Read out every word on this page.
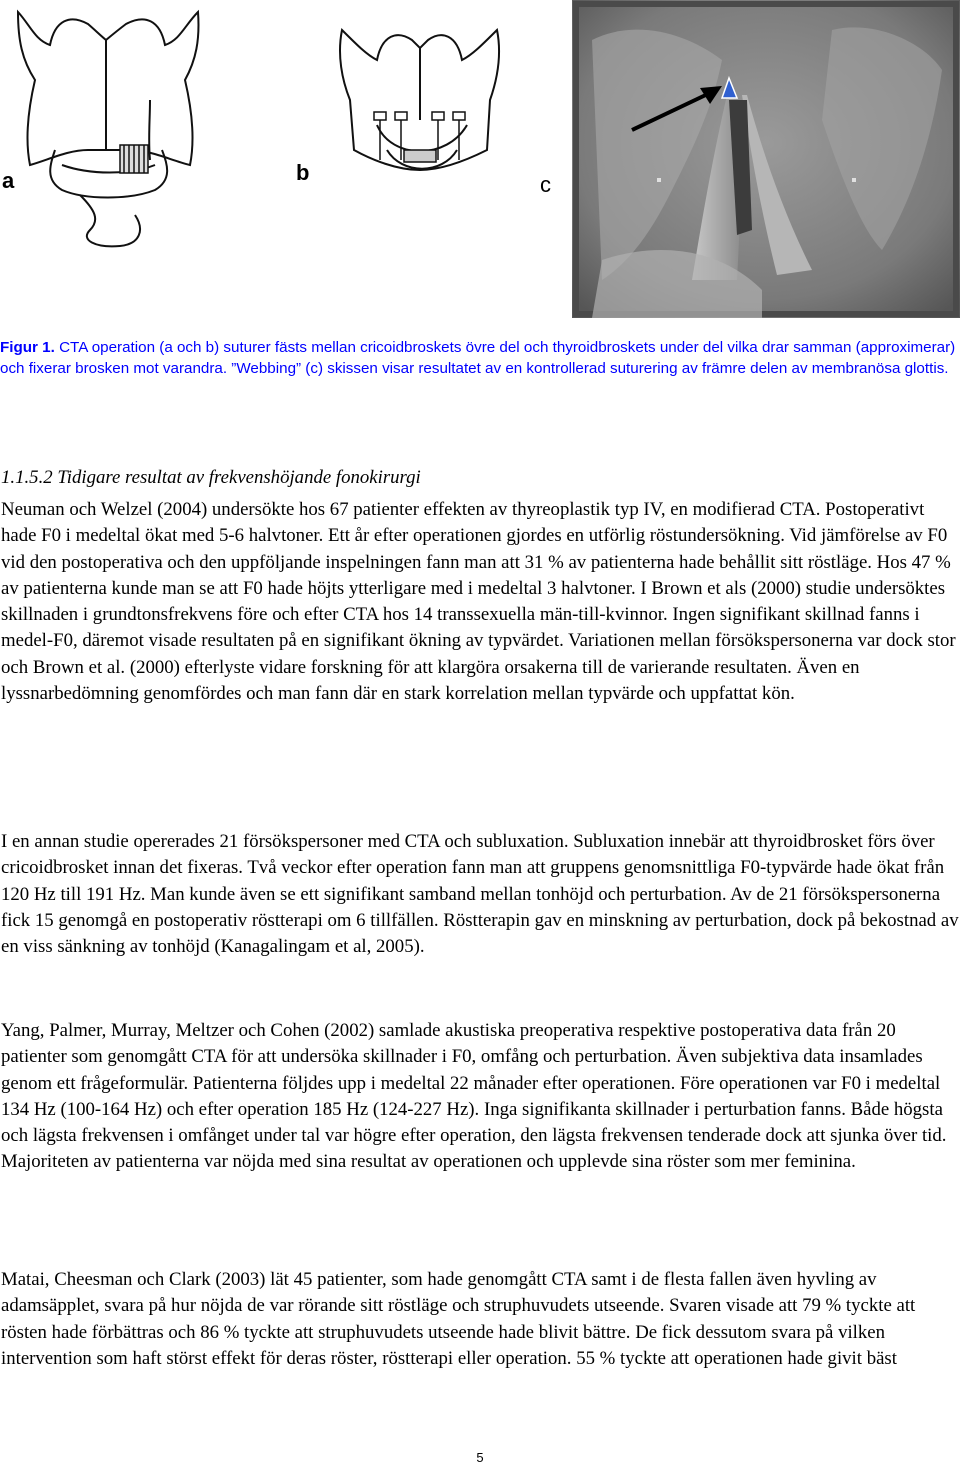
a	b	c
Figur 1. CTA operation (a och b) suturer fästs mellan cricoidbroskets övre del och thyroidbroskets under del vilka drar samman (approximerar) och fixerar brosken mot varandra. ”Webbing” (c) skissen visar resultatet av en kontrollerad suturering av främre delen av membranösa glottis.
1.1.5.2 Tidigare resultat av frekvenshöjande fonokirurgi
Neuman och Welzel (2004) undersökte hos 67 patienter effekten av thyreoplastik typ IV, en modifierad CTA. Postoperativt hade F0 i medeltal ökat med 5-6 halvtoner. Ett år efter operationen gjordes en utförlig röstundersökning. Vid jämförelse av F0 vid den postoperativa och den uppföljande inspelningen fann man att 31 % av patienterna hade behållit sitt röstläge. Hos 47 % av patienterna kunde man se att F0 hade höjts ytterligare med i medeltal 3 halvtoner. I Brown et als (2000) studie undersöktes skillnaden i grundtonsfrekvens före och efter CTA hos 14 transsexuella män-till-kvinnor. Ingen signifikant skillnad fanns i medel-F0, däremot visade resultaten på en signifikant ökning av typvärdet. Variationen mellan försökspersonerna var dock stor och Brown et al. (2000) efterlyste vidare forskning för att klargöra orsakerna till de varierande resultaten. Även en lyssnarbedömning genomfördes och man fann där en stark korrelation mellan typvärde och uppfattat kön.
I en annan studie opererades 21 försökspersoner med CTA och subluxation. Subluxation innebär att thyroidbrosket förs över cricoidbrosket innan det fixeras. Två veckor efter operation fann man att gruppens genomsnittliga F0-typvärde hade ökat från 120 Hz till 191 Hz. Man kunde även se ett signifikant samband mellan tonhöjd och perturbation. Av de 21 försökspersonerna fick 15 genomgå en postoperativ röstterapi om 6 tillfällen. Röstterapin gav en minskning av perturbation, dock på bekostnad av en viss sänkning av tonhöjd (Kanagalingam et al, 2005).
Yang, Palmer, Murray, Meltzer och Cohen (2002) samlade akustiska preoperativa respektive postoperativa data från 20 patienter som genomgått CTA för att undersöka skillnader i F0, omfång och perturbation. Även subjektiva data insamlades genom ett frågeformulär. Patienterna följdes upp i medeltal 22 månader efter operationen. Före operationen var F0 i medeltal 134 Hz (100-164 Hz) och efter operation 185 Hz (124-227 Hz). Inga signifikanta skillnader i perturbation fanns. Både högsta och lägsta frekvensen i omfånget under tal var högre efter operation, den lägsta frekvensen tenderade dock att sjunka över tid. Majoriteten av patienterna var nöjda med sina resultat av operationen och upplevde sina röster som mer feminina.
Matai, Cheesman och Clark (2003) lät 45 patienter, som hade genomgått CTA samt i de flesta fallen även hyvling av adamsäpplet, svara på hur nöjda de var rörande sitt röstläge och struphuvudets utseende. Svaren visade att 79 % tyckte att rösten hade förbättras och 86 % tyckte att struphuvudets utseende hade blivit bättre. De fick dessutom svara på vilken intervention som haft störst effekt för deras röster, röstterapi eller operation. 55 % tyckte att operationen hade givit bäst
5
